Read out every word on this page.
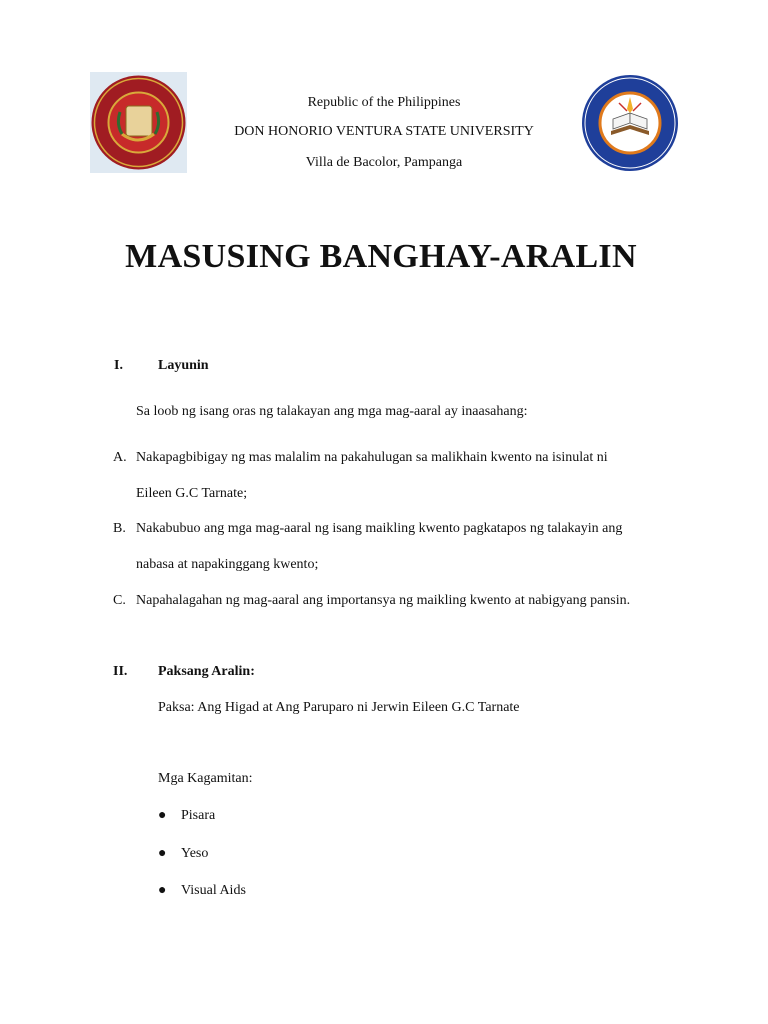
Republic of the Philippines
DON HONORIO VENTURA STATE UNIVERSITY
Villa de Bacolor, Pampanga
MASUSING BANGHAY-ARALIN
I.	Layunin
Sa loob ng isang oras ng talakayan ang mga mag-aaral ay inaasahang:
A. Nakapagbibigay ng mas malalim na pakahulugan sa malikhain kwento na isinulat ni
Eileen G.C Tarnate;
B. Nakabubuo ang mga mag-aaral ng isang maikling kwento pagkatapos ng talakayin ang
nabasa at napakinggang kwento;
C. Napahalagahan ng mag-aaral ang importansya ng maikling kwento at nabigyang pansin.
II. Paksang Aralin:
Paksa: Ang Higad at Ang Paruparo ni Jerwin Eileen G.C Tarnate
Mga Kagamitan:
● Pisara
● Yeso
● Visual Aids
